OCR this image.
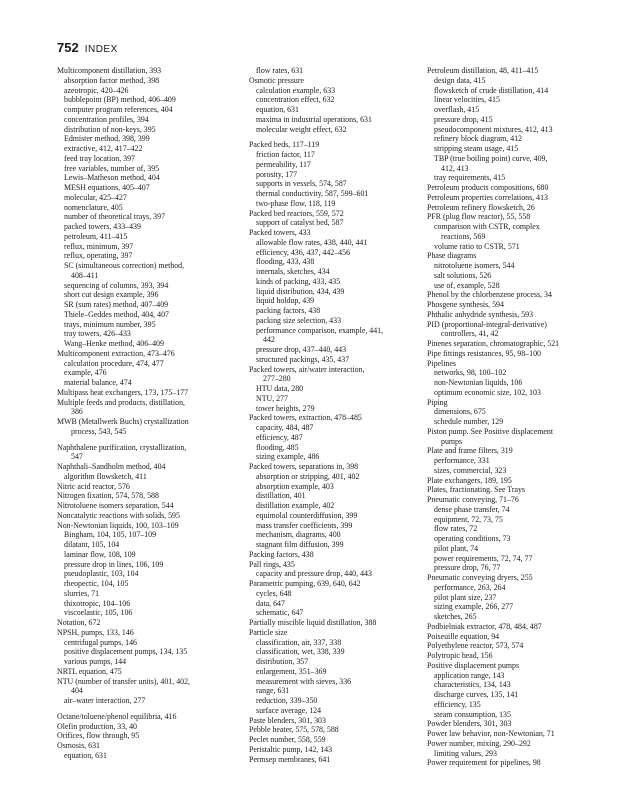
752 INDEX
Multicomponent distillation, 393
absorption factor method, 398
azeotropic, 420–426
bubblepoint (BP) method, 406–409
computer program references, 404
concentration profiles, 394
distribution of non-keys, 395
Edmister method, 398, 399
extractive, 412, 417–422
feed tray location, 397
free variables, number of, 395
Lewis–Matheson method, 404
MESH equations, 405–407
molecular, 425–427
nomenclature, 405
number of theoretical trays, 397
packed towers, 433–439
petroleum, 411–415
reflux, minimum, 397
reflux, operating, 397
SC (simultaneous correction) method,
408–411
sequencing of columns, 393, 394
short cut design example, 396
SR (sum rates) method, 407–409
Thiele–Geddes method, 404, 407
trays, minimum number, 395
tray towers, 426–433
Wang–Henke method, 406–409
Multicomponent extraction, 473–476
calculation procedure, 474, 477
example, 476
material balance, 474
Multipass heat exchangers, 173, 175–177
Multiple feeds and products, distillation,
386
MWB (Metallwerk Buchs) crystallization
process, 543, 545
Naphthalene purification, crystallization,
547
Naphthali–Sandholm method, 404
algorithm flowsketch, 411
Nitric acid reactor, 576
Nitrogen fixation, 574, 578, 588
Nitrotoluene isomers separation, 544
Noncatalytic reactions with solids, 595
Non-Newtonian liquids, 100, 103–109
Bingham, 104, 105, 107–109
dilatant, 105, 104
laminar flow, 108, 109
pressure drop in lines, 106, 109
pseudoplastic, 103, 104
rheopectic, 104, 105
slurries, 71
thixotropic, 104–106
viscoelastic, 105, 106
Notation, 672
NPSH, pumps, 133, 146
centrifugal pumps, 146
positive displacement pumps, 134, 135
various pumps, 144
NRTL equation, 475
NTU (number of transfer units), 401, 402,
404
air–water interaction, 277
Octane/toluene/phenol equilibria, 416
Olefin production, 33, 40
Orifices, flow through, 95
Osmosis, 631
equation, 631
flow rates, 631
Osmotic pressure
calculation example, 633
concentration effect, 632
equation, 631
maxima in industrial operations, 631
molecular weight effect, 632
Packed beds, 117–119
friction factor, 117
permeability, 117
porosity, 177
supports in vessels, 574, 587
thermal conductivity, 587, 599–601
two-phase flow, 118, 119
Packed bed reactors, 559, 572
support of catalyst bed, 587
Packed towers, 433
allowable flow rates, 438, 440, 441
efficiency, 436, 437, 442–456
flooding, 433, 438
internals, sketches, 434
kinds of packing, 433, 435
liquid distribution, 434, 439
liquid holdup, 439
packing factors, 438
packing size selection, 433
performance comparison, example, 441,
442
pressure drop, 437–440, 443
structured packings, 435, 437
Packed towers, air/water interaction,
277–280
HTU data, 280
NTU, 277
tower heights, 279
Packed towers, extraction, 478–485
capacity, 484, 487
efficiency, 487
flooding, 485
sizing example, 486
Packed towers, separations in, 398
absorption or stripping, 401, 402
absorption example, 403
distillation, 401
distillation example, 402
equimolal counterdiffusion, 399
mass transfer coefficients, 399
mechanism, diagrams, 400
stagnant film diffusion, 399
Packing factors, 438
Pall rings, 435
capacity and pressure drop, 440, 443
Parametric pumping, 639, 640, 642
cycles, 648
data, 647
schematic, 647
Partially miscible liquid distillation, 388
Particle size
classification, air, 337, 338
classification, wet, 338, 339
distribution, 357
enlargement, 351–369
measurement with sieves, 336
range, 631
reduction, 339–350
surface average, 124
Paste blenders, 301, 303
Pebble heater, 575, 578, 588
Peclet number, 558, 559
Peristaltic pump, 142, 143
Permsep membranes, 641
Petroleum distillation, 48, 411–415
design data, 415
flowsketch of crude distillation, 414
linear velocities, 415
overflash, 415
pressure drop, 415
pseudocomponent mixtures, 412, 413
refinery block diagram, 412
stripping steam usage, 415
TBP (true boiling point) curve, 409,
412, 413
tray requirements, 415
Petroleum products compositions, 680
Petroleum properties correlations, 413
Petroleum refinery flowsketch, 26
PFR (plug flow reactor), 55, 558
comparison with CSTR, complex
reactions, 569
volume ratio to CSTR, 571
Phase diagrams
nitrotoluene isomers, 544
salt solutions, 526
use of, example, 528
Phenol by the chlorbenzene process, 34
Phosgene synthesis, 594
Phthalic anhydride synthesis, 593
PID (proportional-integral-derivative)
controllers, 41, 42
Pinenes separation, chromatographic, 521
Pipe fittings resistances, 95, 98–100
Pipelines
networks, 98, 100–102
non-Newtonian liquids, 106
optimum economic size, 102, 103
Piping
dimensions, 675
schedule number, 129
Piston pump. See Positive displacement
pumps
Plate and frame filters, 319
performance, 331
sizes, commercial, 323
Plate exchangers, 189, 195
Plates, fractionating. See Trays
Pneumatic conveying, 71–76
dense phase transfer, 74
equipment, 72, 73, 75
flow rates, 72
operating conditions, 73
pilot plant, 74
power requirements, 72, 74, 77
pressure drop, 76, 77
Pneumatic conveying dryers, 255
performance, 263, 264
pilot plant size, 237
sizing example, 266, 277
sketches, 265
Podbielniak extractor, 478, 484, 487
Poiseuille equation, 94
Polyethylene reactor, 573, 574
Polytropic head, 156
Positive displacement pumps
application range, 143
characteristics, 134, 143
discharge curves, 135, 141
efficiency, 135
steam consumption, 135
Powder blenders, 301, 303
Power law behavior, non-Newtonian, 71
Power number, mixing, 290–292
limiting values, 293
Power requirement for pipelines, 98
